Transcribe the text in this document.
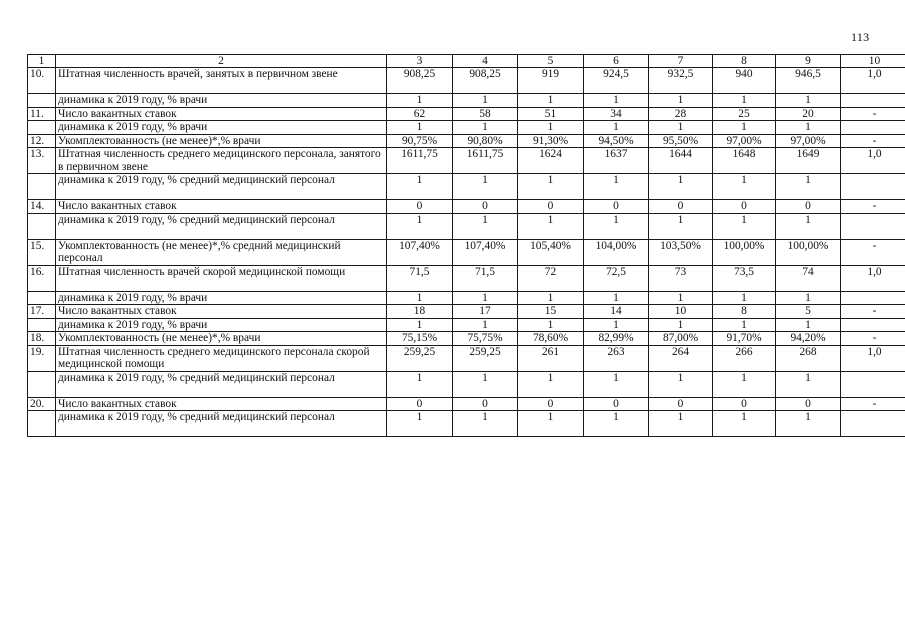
113
1	2	3	4	5	6	7	8	9	10
10.	Штатная численность врачей, занятых в первичном звене	908,25	908,25	919	924,5	932,5	940	946,5	1,0
	динамика к 2019 году, % врачи	1	1	1	1	1	1	1	
11.	Число вакантных ставок	62	58	51	34	28	25	20	-
	динамика к 2019 году, % врачи	1	1	1	1	1	1	1	
12.	Укомплектованность (не менее)*,% врачи	90,75%	90,80%	91,30%	94,50%	95,50%	97,00%	97,00%	-
13.	Штатная численность среднего медицинского персонала, занятого в первичном звене	1611,75	1611,75	1624	1637	1644	1648	1649	1,0
	динамика к 2019 году, % средний медицинский персонал	1	1	1	1	1	1	1	
14.	Число вакантных ставок	0	0	0	0	0	0	0	-
	динамика к 2019 году, % средний медицинский персонал	1	1	1	1	1	1	1	
15.	Укомплектованность (не менее)*,% средний медицинский персонал	107,40%	107,40%	105,40%	104,00%	103,50%	100,00%	100,00%	-
16.	Штатная численность врачей скорой медицинской помощи	71,5	71,5	72	72,5	73	73,5	74	1,0
	динамика к 2019 году, % врачи	1	1	1	1	1	1	1	
17.	Число вакантных ставок	18	17	15	14	10	8	5	-
	динамика к 2019 году, % врачи	1	1	1	1	1	1	1	
18.	Укомплектованность (не менее)*,% врачи	75,15%	75,75%	78,60%	82,99%	87,00%	91,70%	94,20%	-
19.	Штатная численность среднего медицинского персонала скорой медицинской помощи	259,25	259,25	261	263	264	266	268	1,0
	динамика к 2019 году, % средний медицинский персонал	1	1	1	1	1	1	1	
20.	Число вакантных ставок	0	0	0	0	0	0	0	-
	динамика к 2019 году, % средний медицинский персонал	1	1	1	1	1	1	1	
